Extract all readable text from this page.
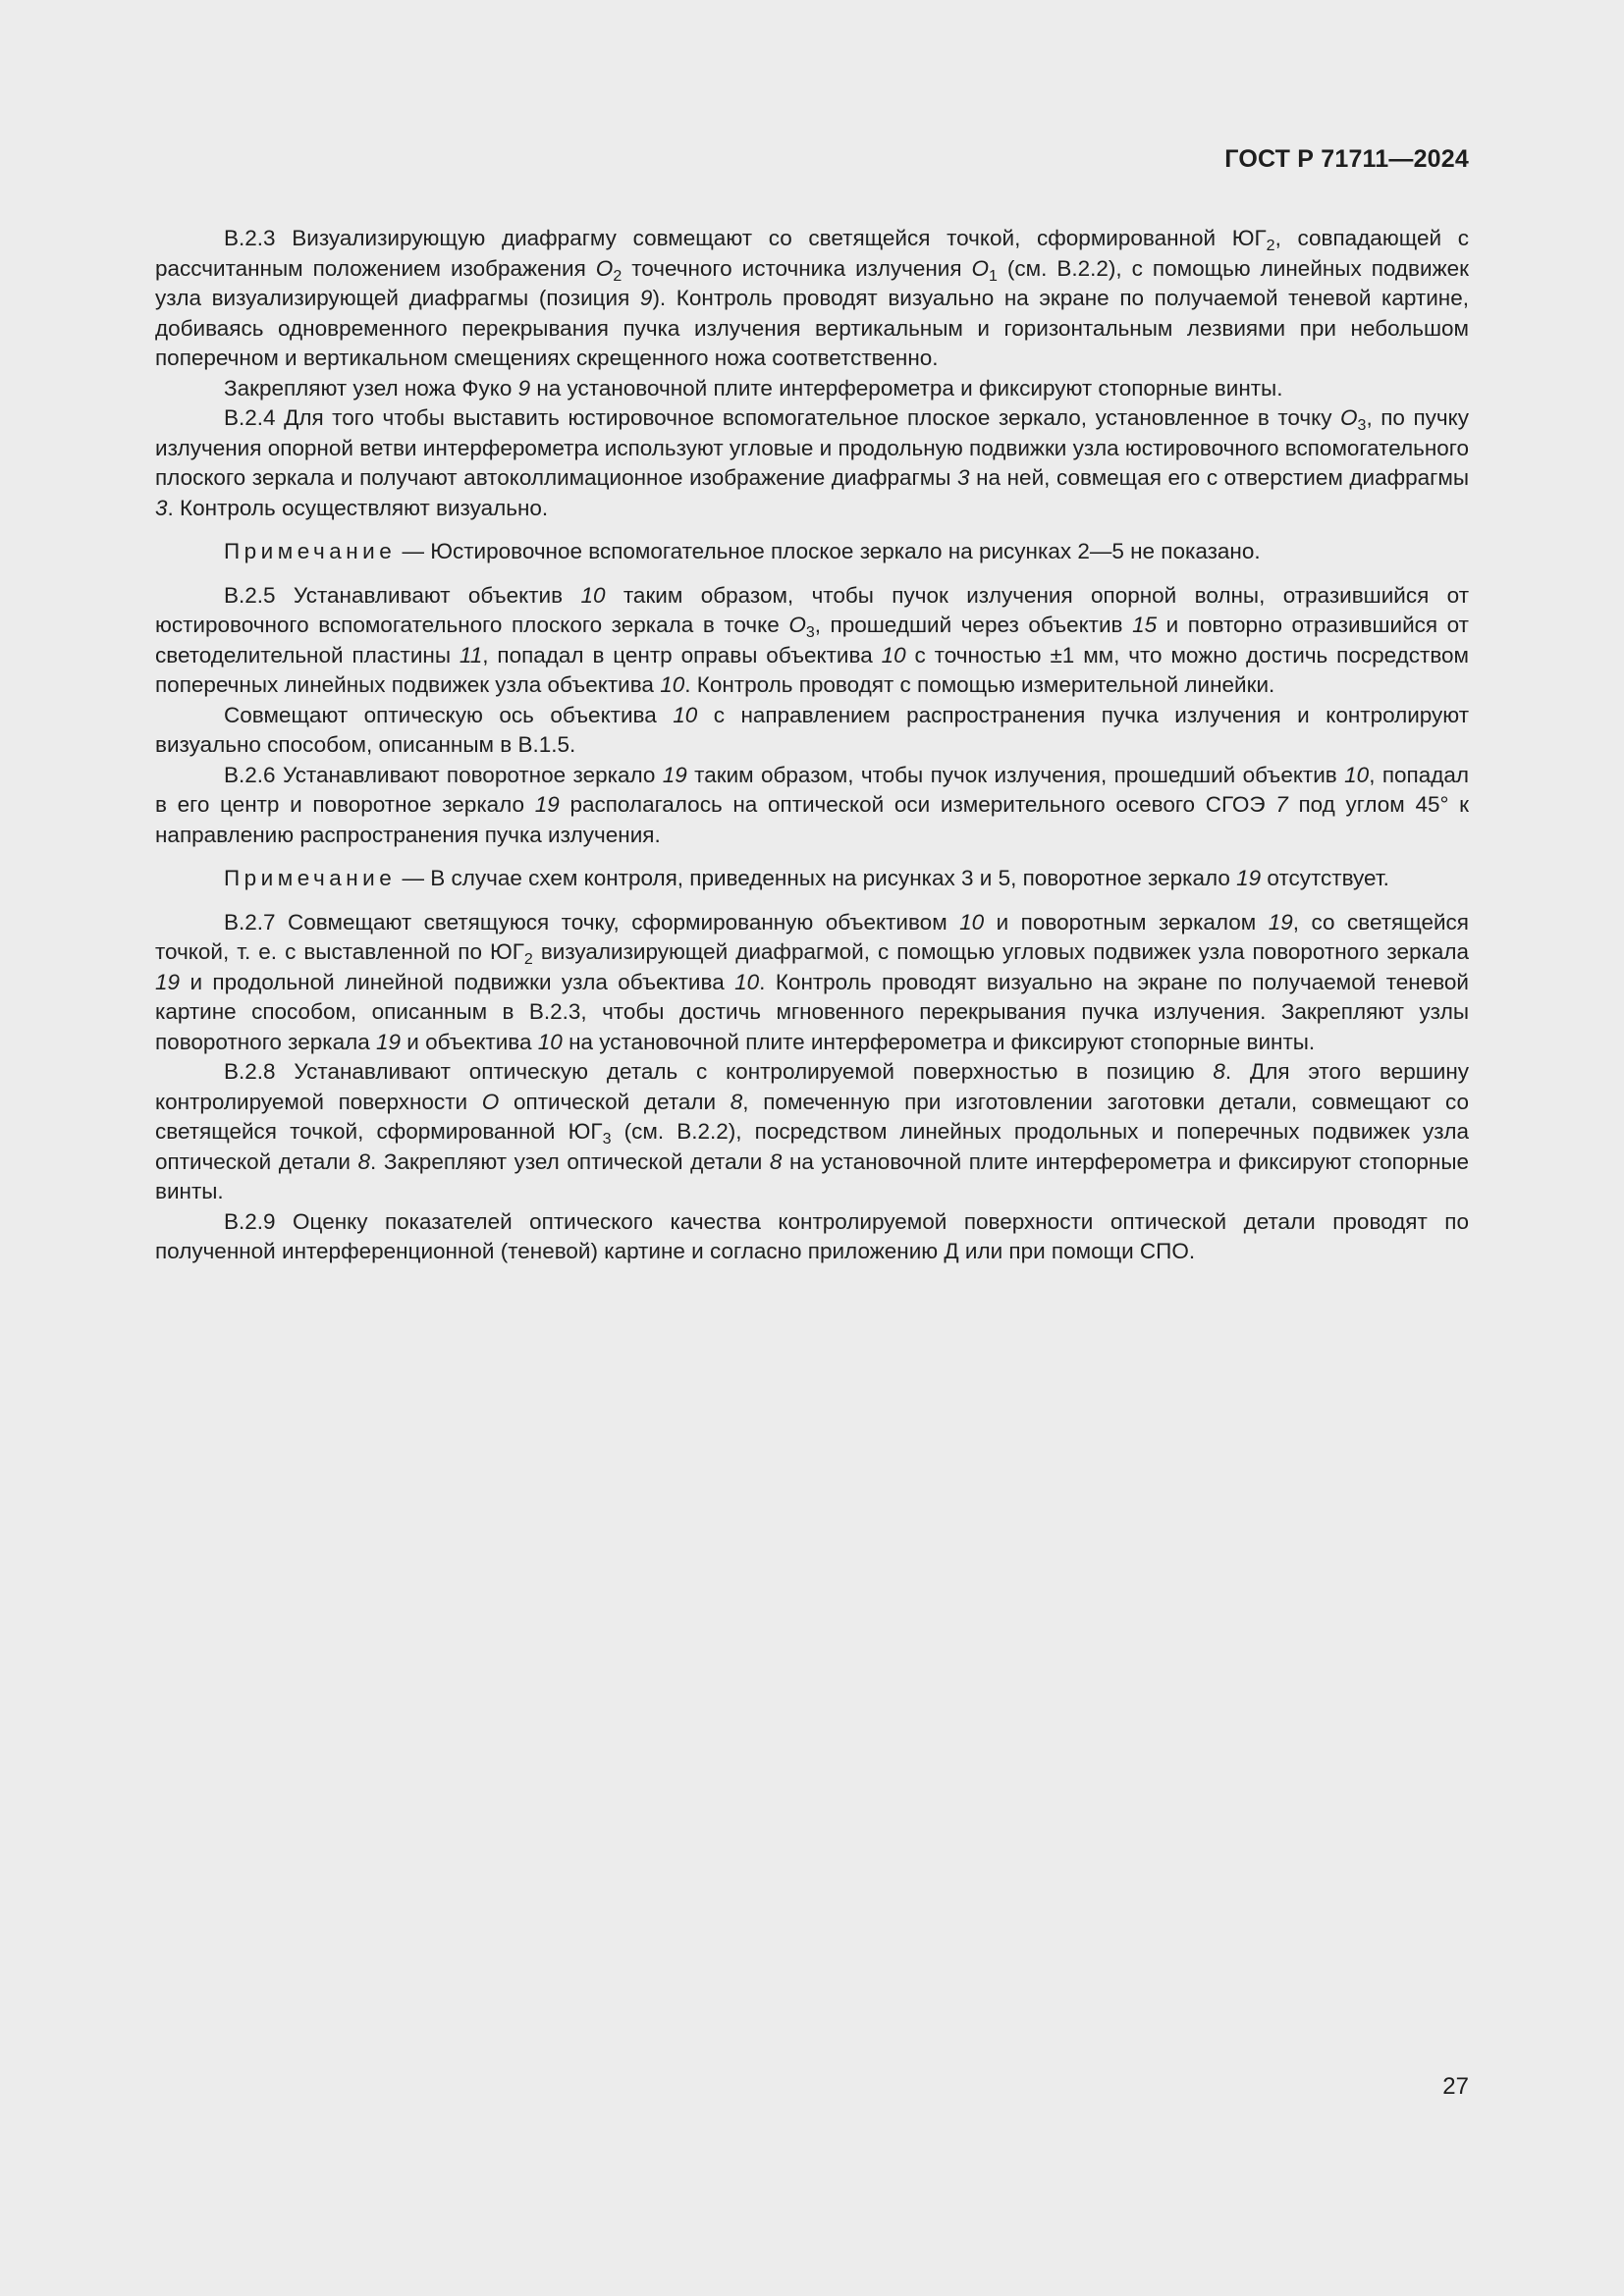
ГОСТ Р 71711—2024

В.2.3 Визуализирующую диафрагму совмещают со светящейся точкой, сформированной $ЮГ_2$, совпадающей с рассчитанным положением изображения $O_2$ точечного источника излучения $O_1$ (см. В.2.2), с помощью линейных подвижек узла визуализирующей диафрагмы (позиция 9). Контроль проводят визуально на экране по получаемой теневой картине, добиваясь одновременного перекрывания пучка излучения вертикальным и горизонтальным лезвиями при небольшом поперечном и вертикальном смещениях скрещенного ножа соответственно.

Закрепляют узел ножа Фуко 9 на установочной плите интерферометра и фиксируют стопорные винты.

В.2.4 Для того чтобы выставить юстировочное вспомогательное плоское зеркало, установленное в точку $O_3$, по пучку излучения опорной ветви интерферометра используют угловые и продольную подвижки узла юстировочного вспомогательного плоского зеркала и получают автоколлимационное изображение диафрагмы 3 на ней, совмещая его с отверстием диафрагмы 3. Контроль осуществляют визуально.

Примечание — Юстировочное вспомогательное плоское зеркало на рисунках 2—5 не показано.

В.2.5 Устанавливают объектив 10 таким образом, чтобы пучок излучения опорной волны, отразившийся от юстировочного вспомогательного плоского зеркала в точке $O_3$, прошедший через объектив 15 и повторно отразившийся от светоделительной пластины 11, попадал в центр оправы объектива 10 с точностью ±1 мм, что можно достичь посредством поперечных линейных подвижек узла объектива 10. Контроль проводят с помощью измерительной линейки.

Совмещают оптическую ось объектива 10 с направлением распространения пучка излучения и контролируют визуально способом, описанным в В.1.5.

В.2.6 Устанавливают поворотное зеркало 19 таким образом, чтобы пучок излучения, прошедший объектив 10, попадал в его центр и поворотное зеркало 19 располагалось на оптической оси измерительного осевого СГОЭ 7 под углом 45° к направлению распространения пучка излучения.

Примечание — В случае схем контроля, приведенных на рисунках 3 и 5, поворотное зеркало 19 отсутствует.

В.2.7 Совмещают светящуюся точку, сформированную объективом 10 и поворотным зеркалом 19, со светящейся точкой, т. е. с выставленной по $ЮГ_2$ визуализирующей диафрагмой, с помощью угловых подвижек узла поворотного зеркала 19 и продольной линейной подвижки узла объектива 10. Контроль проводят визуально на экране по получаемой теневой картине способом, описанным в В.2.3, чтобы достичь мгновенного перекрывания пучка излучения. Закрепляют узлы поворотного зеркала 19 и объектива 10 на установочной плите интерферометра и фиксируют стопорные винты.

В.2.8 Устанавливают оптическую деталь с контролируемой поверхностью в позицию 8. Для этого вершину контролируемой поверхности O оптической детали 8, помеченную при изготовлении заготовки детали, совмещают со светящейся точкой, сформированной $ЮГ_3$ (см. В.2.2), посредством линейных продольных и поперечных подвижек узла оптической детали 8. Закрепляют узел оптической детали 8 на установочной плите интерферометра и фиксируют стопорные винты.

В.2.9 Оценку показателей оптического качества контролируемой поверхности оптической детали проводят по полученной интерференционной (теневой) картине и согласно приложению Д или при помощи СПО.

27
